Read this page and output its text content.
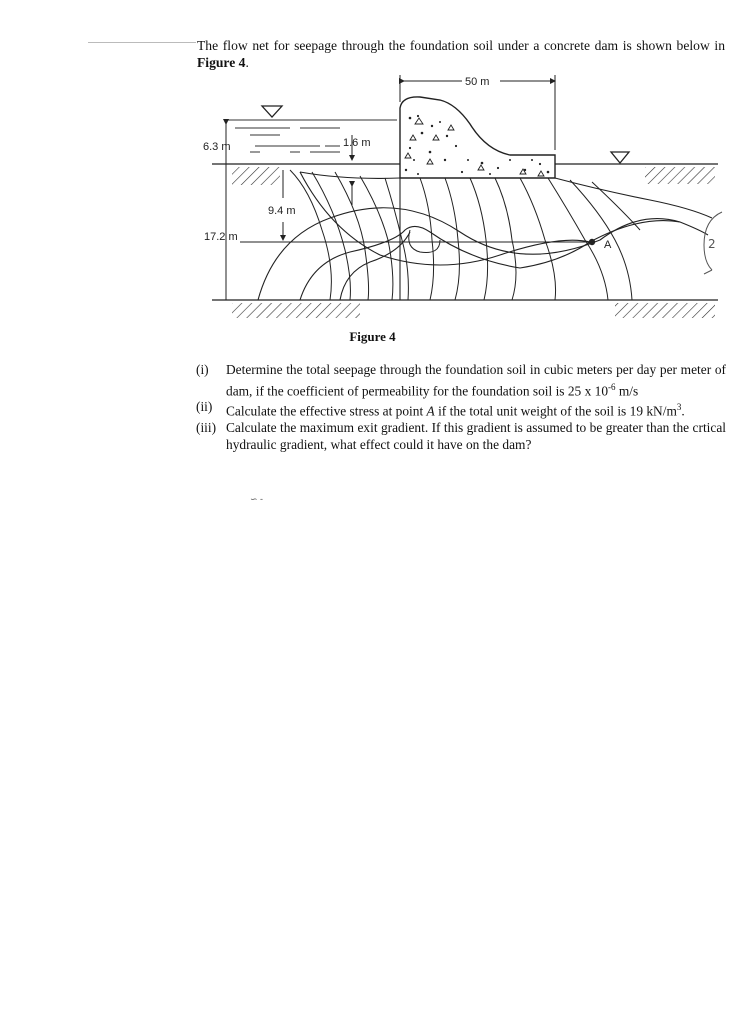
The flow net for seepage through the foundation soil under a concrete dam is shown below in Figure 4.
50 m
6.3 m	1.6 m
9.4 m
17.2 m
A	2
Figure 4
(i)	Determine the total seepage through the foundation soil in cubic meters per day per meter of dam, if the coefficient of permeability for the foundation soil is 25 x $10^{-6}$ m/s
(ii)	Calculate the effective stress at point A if the total unit weight of the soil is 19 $kN/m^3$.
(iii) Calculate the maximum exit gradient. If this gradient is assumed to be greater than the crtical hydraulic gradient, what effect could it have on the dam?
∽ -
